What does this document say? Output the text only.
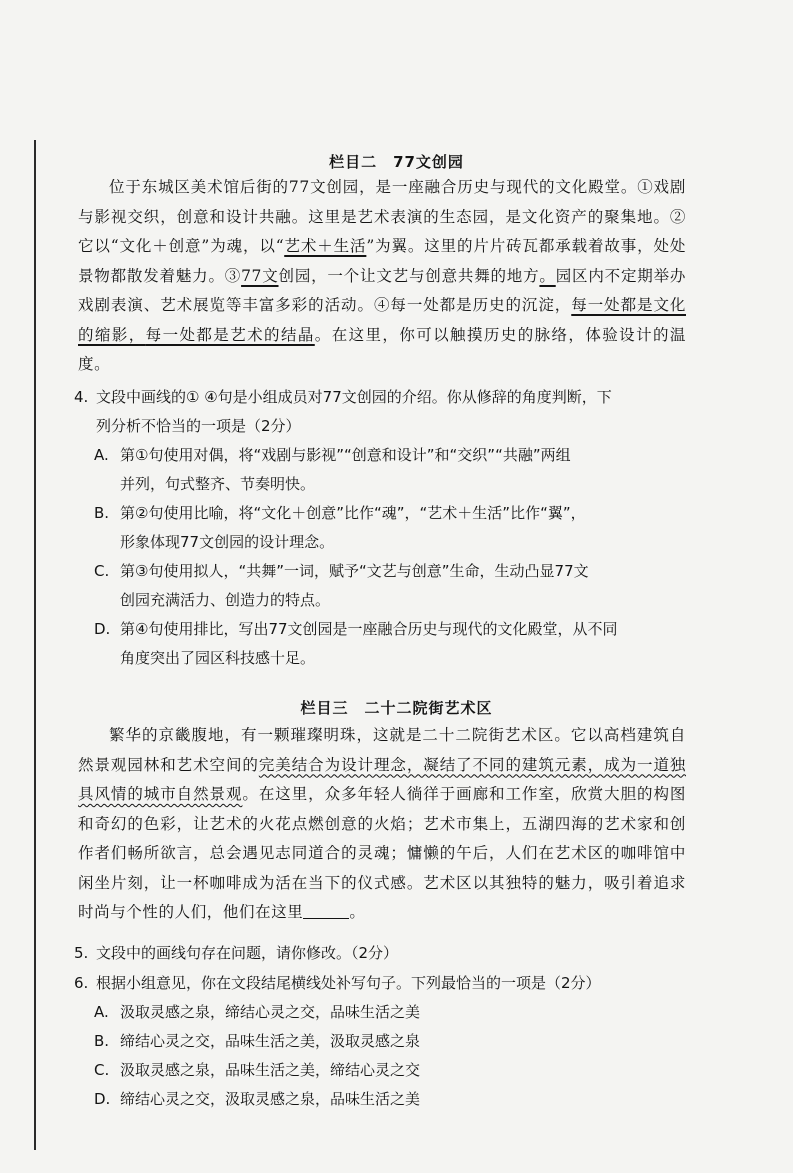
栏目二　77文创园
位于东城区美术馆后街的77文创园，是一座融合历史与现代的文化殿堂。①戏剧与影视交织，创意和设计共融。这里是艺术表演的生态园，是文化资产的聚集地。②它以“文化＋创意”为魂，以“艺术＋生活”为翼。这里的片片砖瓦都承载着故事，处处景物都散发着魅力。③77文创园，一个让文艺与创意共舞的地方。园区内不定期举办戏剧表演、艺术展览等丰富多彩的活动。④每一处都是历史的沉淀，每一处都是文化的缩影，每一处都是艺术的结晶。在这里，你可以触摸历史的脉络，体验设计的温度。
4. 文段中画线的① ④句是小组成员对77文创园的介绍。你从修辞的角度判断，下
列分析不恰当的一项是（2分）
A. 第①句使用对偶，将“戏剧与影视”“创意和设计”和“交织”“共融”两组
并列，句式整齐、节奏明快。
B. 第②句使用比喻，将“文化＋创意”比作“魂”，“艺术＋生活”比作“翼”，
形象体现77文创园的设计理念。
C. 第③句使用拟人，“共舞”一词，赋予“文艺与创意”生命，生动凸显77文
创园充满活力、创造力的特点。
D. 第④句使用排比，写出77文创园是一座融合历史与现代的文化殿堂，从不同
角度突出了园区科技感十足。
栏目三　二十二院街艺术区
繁华的京畿腹地，有一颗璀璨明珠，这就是二十二院街艺术区。它以高档建筑自然景观园林和艺术空间的完美结合为设计理念，凝结了不同的建筑元素，成为一道独具风情的城市自然景观。在这里，众多年轻人徜徉于画廊和工作室，欣赏大胆的构图和奇幻的色彩，让艺术的火花点燃创意的火焰；艺术市集上，五湖四海的艺术家和创作者们畅所欲言，总会遇见志同道合的灵魂；慵懒的午后，人们在艺术区的咖啡馆中闲坐片刻，让一杯咖啡成为活在当下的仪式感。艺术区以其独特的魅力，吸引着追求时尚与个性的人们，他们在这里	。
5. 文段中的画线句存在问题，请你修改。（2分）
6. 根据小组意见，你在文段结尾横线处补写句子。下列最恰当的一项是（2分）
A. 汲取灵感之泉，缔结心灵之交，品味生活之美
B. 缔结心灵之交，品味生活之美，汲取灵感之泉
C. 汲取灵感之泉，品味生活之美，缔结心灵之交
D. 缔结心灵之交，汲取灵感之泉，品味生活之美
